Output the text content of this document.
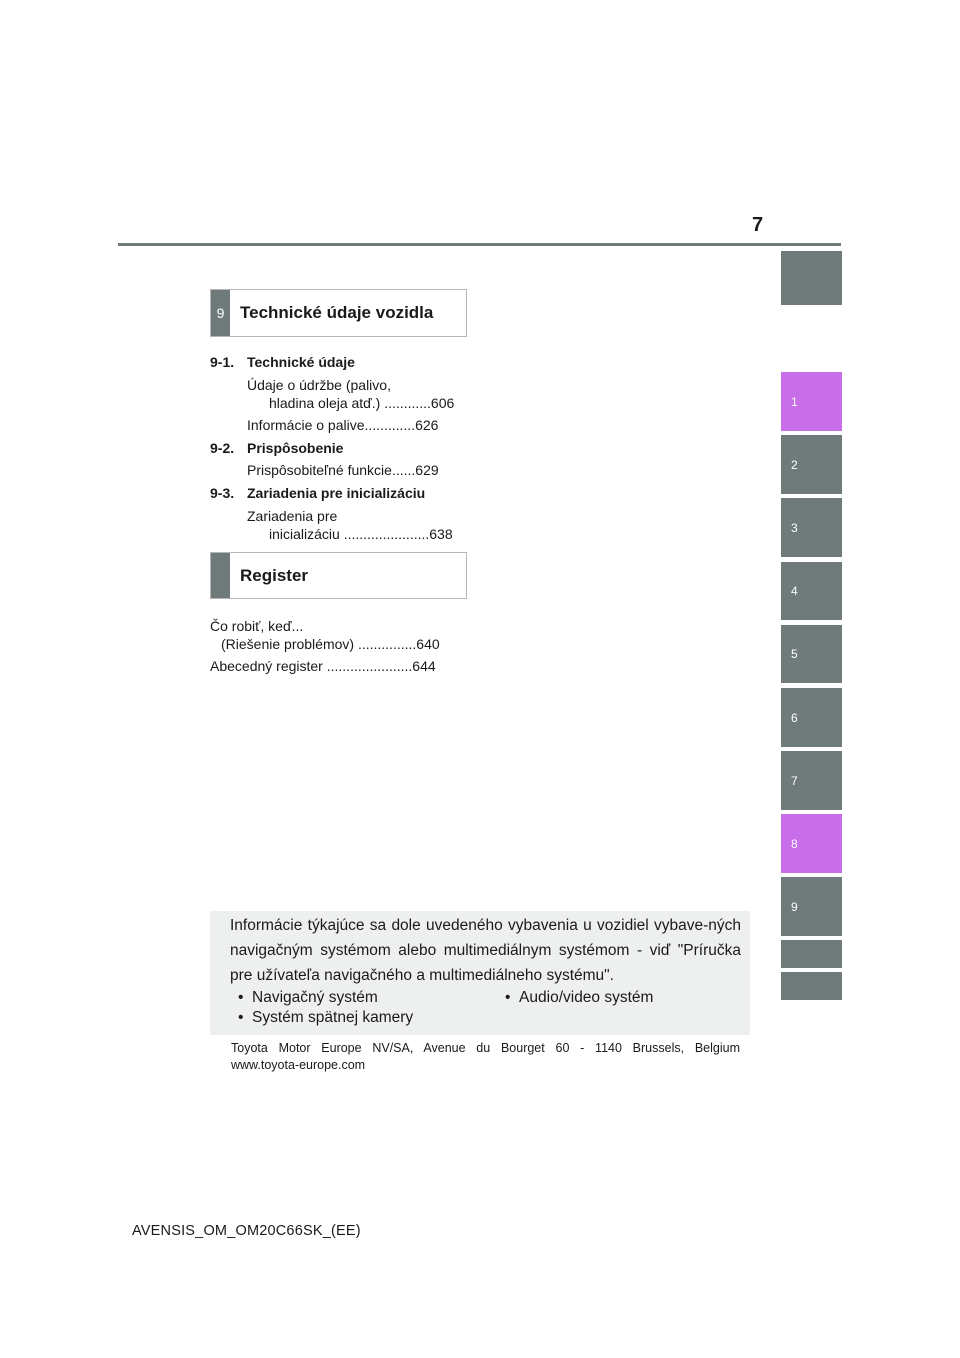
7
1
2
3
4
5
6
7
8
9
9 Technické údaje vozidla
9-1. Technické údaje
Údaje o údržbe (palivo,
hladina oleja atď.) ............606
Informácie o palive.............626
9-2. Prispôsobenie
Prispôsobiteľné funkcie......629
9-3. Zariadenia pre inicializáciu
Zariadenia pre
inicializáciu ......................638
Register
Čo robiť, keď...
(Riešenie problémov) ...............640
Abecedný register ......................644
Informácie týkajúce sa dole uvedeného vybavenia u vozidiel vybave-ných navigačným systémom alebo multimediálnym systémom - viď "Príručka pre užívateľa navigačného a multimediálneho systému".
•  Navigačný systém	•  Audio/video systém
•  Systém spätnej kamery
Toyota Motor Europe NV/SA, Avenue du Bourget 60 - 1140 Brussels, Belgium
www.toyota-europe.com
AVENSIS_OM_OM20C66SK_(EE)
